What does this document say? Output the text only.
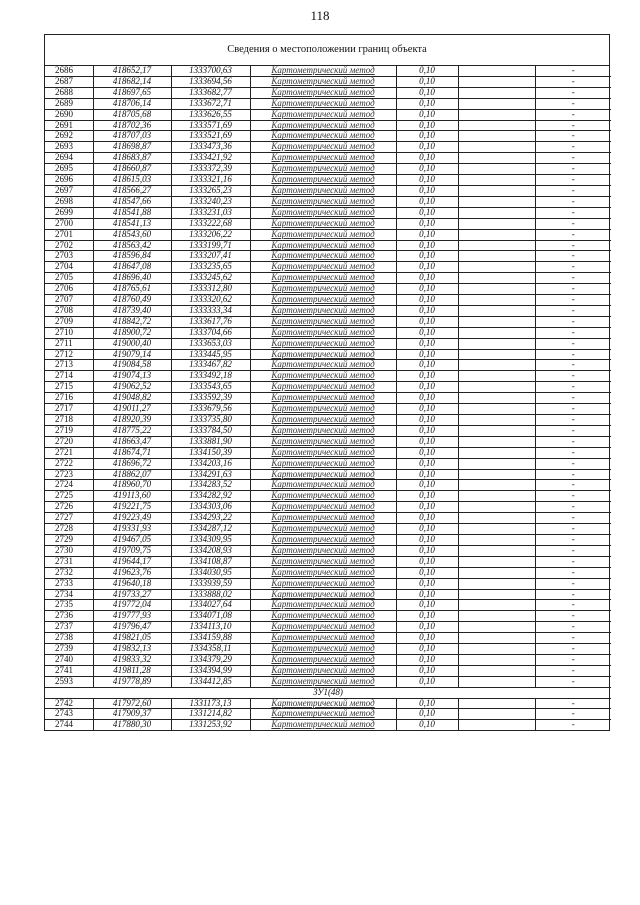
118
Сведения о местоположении границ объекта
2686	418652,17	1333700,63	Картометрический метод	0,10		-
2687	418682,14	1333694,56	Картометрический метод	0,10		-
2688	418697,65	1333682,77	Картометрический метод	0,10		-
2689	418706,14	1333672,71	Картометрический метод	0,10		-
2690	418705,68	1333626,55	Картометрический метод	0,10		-
2691	418702,36	1333571,69	Картометрический метод	0,10		-
2692	418707,03	1333521,69	Картометрический метод	0,10		-
2693	418698,87	1333473,36	Картометрический метод	0,10		-
2694	418683,87	1333421,92	Картометрический метод	0,10		-
2695	418660,87	1333372,39	Картометрический метод	0,10		-
2696	418615,03	1333321,16	Картометрический метод	0,10		-
2697	418566,27	1333265,23	Картометрический метод	0,10		-
2698	418547,66	1333240,23	Картометрический метод	0,10		-
2699	418541,88	1333231,03	Картометрический метод	0,10		-
2700	418541,13	1333222,68	Картометрический метод	0,10		-
2701	418543,60	1333206,22	Картометрический метод	0,10		-
2702	418563,42	1333199,71	Картометрический метод	0,10		-
2703	418596,84	1333207,41	Картометрический метод	0,10		-
2704	418647,08	1333235,65	Картометрический метод	0,10		-
2705	418696,40	1333245,62	Картометрический метод	0,10		-
2706	418765,61	1333312,80	Картометрический метод	0,10		-
2707	418760,49	1333320,62	Картометрический метод	0,10		-
2708	418739,40	1333333,34	Картометрический метод	0,10		-
2709	418842,72	1333617,76	Картометрический метод	0,10		-
2710	418900,72	1333704,66	Картометрический метод	0,10		-
2711	419000,40	1333653,03	Картометрический метод	0,10		-
2712	419079,14	1333445,95	Картометрический метод	0,10		-
2713	419084,58	1333467,82	Картометрический метод	0,10		-
2714	419074,13	1333492,18	Картометрический метод	0,10		-
2715	419062,52	1333543,65	Картометрический метод	0,10		-
2716	419048,82	1333592,39	Картометрический метод	0,10		-
2717	419011,27	1333679,56	Картометрический метод	0,10		-
2718	418920,39	1333735,80	Картометрический метод	0,10		-
2719	418775,22	1333784,50	Картометрический метод	0,10		-
2720	418663,47	1333881,90	Картометрический метод	0,10		-
2721	418674,71	1334150,39	Картометрический метод	0,10		-
2722	418696,72	1334203,16	Картометрический метод	0,10		-
2723	418862,07	1334291,63	Картометрический метод	0,10		-
2724	418960,70	1334283,52	Картометрический метод	0,10		-
2725	419113,60	1334282,92	Картометрический метод	0,10		-
2726	419221,75	1334303,06	Картометрический метод	0,10		-
2727	419223,49	1334293,22	Картометрический метод	0,10		-
2728	419331,93	1334287,12	Картометрический метод	0,10		-
2729	419467,05	1334309,95	Картометрический метод	0,10		-
2730	419709,75	1334208,93	Картометрический метод	0,10		-
2731	419644,17	1334108,87	Картометрический метод	0,10		-
2732	419623,76	1334030,95	Картометрический метод	0,10		-
2733	419640,18	1333939,59	Картометрический метод	0,10		-
2734	419733,27	1333888,02	Картометрический метод	0,10		-
2735	419772,04	1334027,64	Картометрический метод	0,10		-
2736	419777,93	1334071,08	Картометрический метод	0,10		-
2737	419796,47	1334113,10	Картометрический метод	0,10		-
2738	419821,05	1334159,88	Картометрический метод	0,10		-
2739	419832,13	1334358,11	Картометрический метод	0,10		-
2740	419833,32	1334379,29	Картометрический метод	0,10		-
2741	419811,28	1334394,99	Картометрический метод	0,10		-
2593	419778,89	1334412,85	Картометрический метод	0,10		-
ЗУ1(48)						
2742	417972,60	1331173,13	Картометрический метод	0,10		-
2743	417909,37	1331214,82	Картометрический метод	0,10		-
2744	417880,30	1331253,92	Картометрический метод	0,10		-
